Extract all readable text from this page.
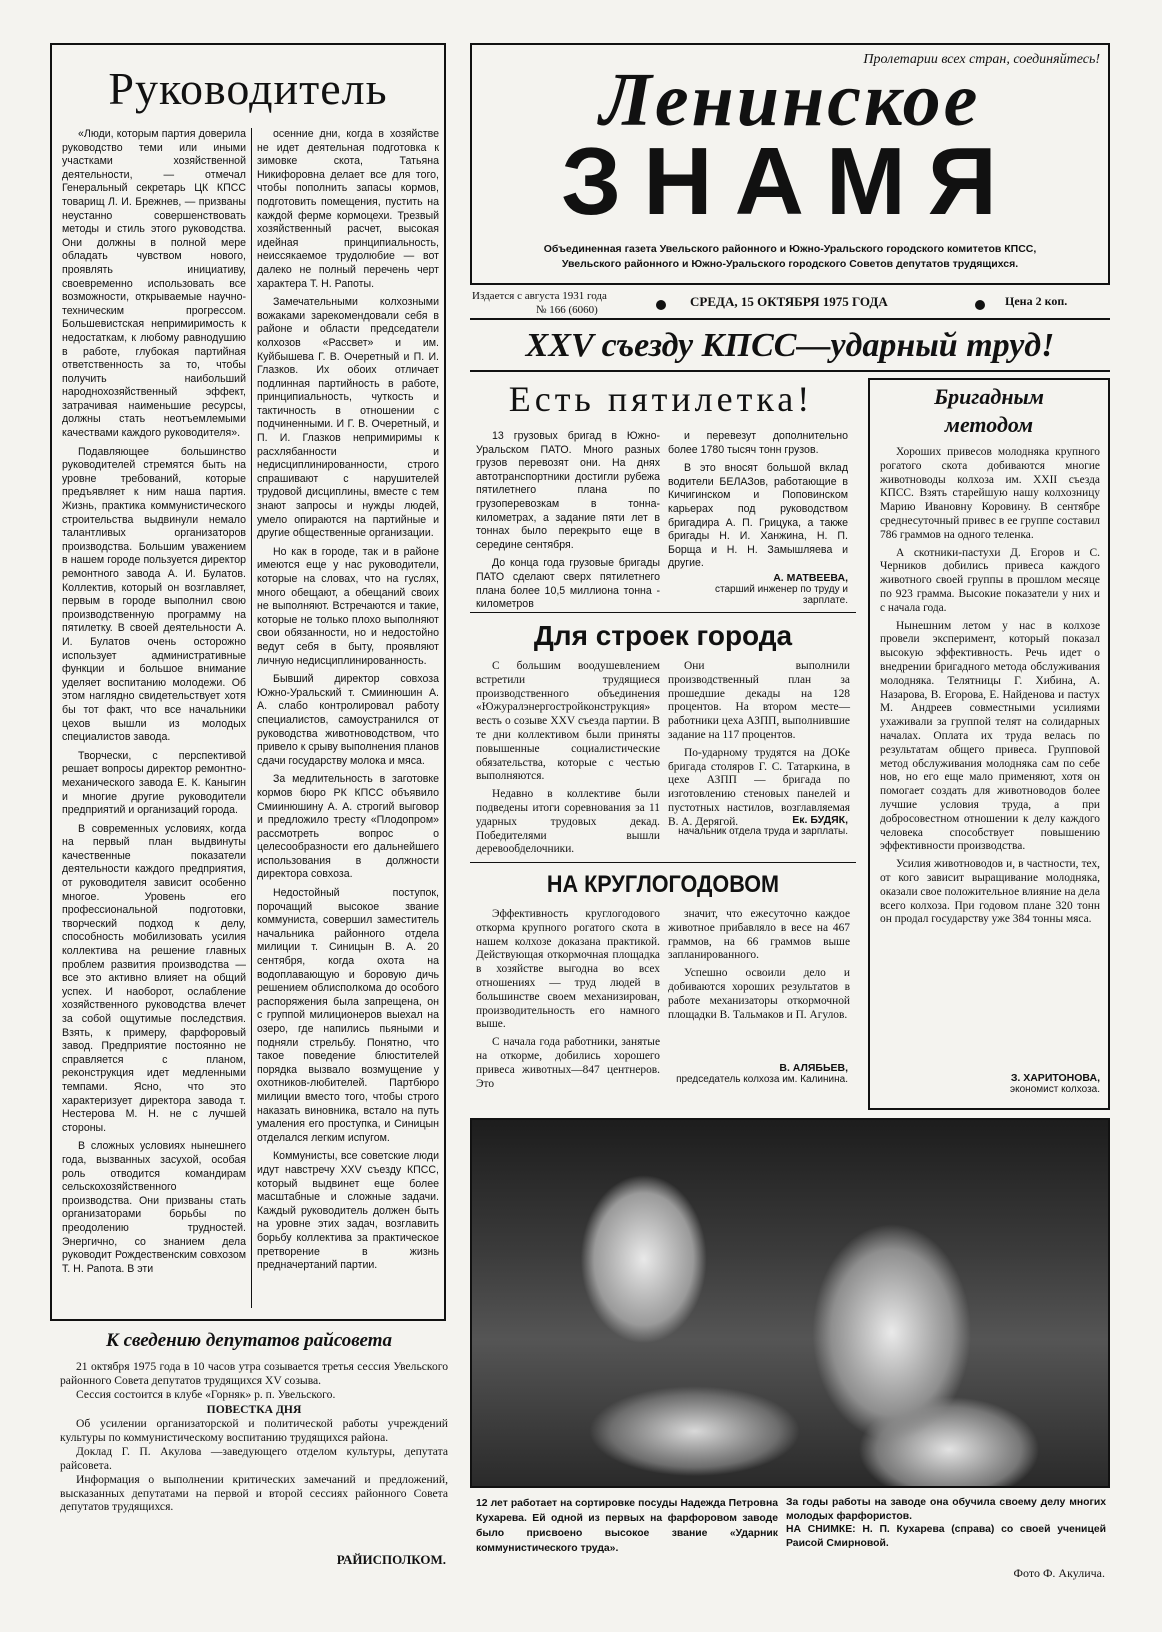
Руководитель

«Люди, которым партия доверила руководство теми или иными участками хозяйственной деятельности, — отмечал Генеральный секретарь ЦК КПСС товарищ Л. И. Брежнев, — призваны неустанно совершенствовать методы и стиль этого руководства. Они должны в полной мере обладать чувством нового, проявлять инициативу, своевременно использовать все возможности, открываемые научно-техническим прогрессом. Большевистская непримиримость к недостаткам, к любому равнодушию в работе, глубокая партийная ответственность за то, чтобы получить наибольший народнохозяйственный эффект, затрачивая наименьшие ресурсы, должны стать неотъемлемыми качествами каждого руководителя».

Подавляющее большинство руководителей стремятся быть на уровне требований, которые предъявляет к ним наша партия. Жизнь, практика коммунистического строительства выдвинули немало талантливых организаторов производства. Большим уважением в нашем городе пользуется директор ремонтного завода А. И. Булатов. Коллектив, который он возглавляет, первым в городе выполнил свою производственную программу на пятилетку. В своей деятельности А. И. Булатов очень осторожно использует административные функции и большое внимание уделяет воспитанию молодежи. Об этом наглядно свидетельствует хотя бы тот факт, что все начальники цехов вышли из молодых специалистов завода.

Творчески, с перспективой решает вопросы директор ремонтно-механического завода Е. К. Каныгин и многие другие руководители предприятий и организаций города.

В современных условиях, когда на первый план выдвинуты качественные показатели деятельности каждого предприятия, от руководителя зависит особенно многое. Уровень его профессиональной подготовки, творческий подход к делу, способность мобилизовать усилия коллектива на решение главных проблем развития производства — все это активно влияет на общий успех. И наоборот, ослабление хозяйственного руководства влечет за собой ощутимые последствия. Взять, к примеру, фарфоровый завод. Предприятие постоянно не справляется с планом, реконструкция идет медленными темпами. Ясно, что это характеризует директора завода т. Нестерова М. Н. не с лучшей стороны.

В сложных условиях нынешнего года, вызванных засухой, особая роль отводится командирам сельскохозяйственного производства. Они призваны стать организаторами борьбы по преодолению трудностей. Энергично, со знанием дела руководит Рождественским совхозом Т. Н. Рапота. В эти

осенние дни, когда в хозяйстве не идет деятельная подготовка к зимовке скота, Татьяна Никифоровна делает все для того, чтобы пополнить запасы кормов, подготовить помещения, пустить на каждой ферме кормоцехи. Трезвый хозяйственный расчет, высокая идейная принципиальность, неиссякаемое трудолюбие — вот далеко не полный перечень черт характера Т. Н. Рапоты.

Замечательными колхозными вожаками зарекомендовали себя в районе и области председатели колхозов «Рассвет» и им. Куйбышева Г. В. Очеретный и П. И. Глазков. Их обоих отличает подлинная партийность в работе, принципиальность, чуткость и тактичность в отношении с подчиненными. И Г. В. Очеретный, и П. И. Глазков непримиримы к расхлябанности и недисциплинированности, строго спрашивают с нарушителей трудовой дисциплины, вместе с тем знают запросы и нужды людей, умело опираются на партийные и другие общественные организации.

Но как в городе, так и в районе имеются еще у нас руководители, которые на словах, что на гуслях, много обещают, а обещаний своих не выполняют. Встречаются и такие, которые не только плохо выполняют свои обязанности, но и недостойно ведут себя в быту, проявляют личную недисциплинированность.

Бывший директор совхоза Южно-Уральский т. Смиинюшин А. А. слабо контролировал работу специалистов, самоустранился от руководства животноводством, что привело к срыву выполнения планов сдачи государству молока и мяса.

За медлительность в заготовке кормов бюро РК КПСС объявило Смиинюшину А. А. строгий выговор и предложило тресту «Плодопром» рассмотреть вопрос о целесообразности его дальнейшего использования в должности директора совхоза.

Недостойный поступок, порочащий высокое звание коммуниста, совершил заместитель начальника районного отдела милиции т. Синицын В. А. 20 сентября, когда охота на водоплавающую и боровую дичь решением облисполкома до особого распоряжения была запрещена, он с группой милиционеров выехал на озеро, где напились пьяными и подняли стрельбу. Понятно, что такое поведение блюстителей порядка вызвало возмущение у охотников-любителей. Партбюро милиции вместо того, чтобы строго наказать виновника, встало на путь умаления его проступка, и Синицын отделался легким испугом.

Коммунисты, все советские люди идут навстречу XXV съезду КПСС, который выдвинет еще более масштабные и сложные задачи. Каждый руководитель должен быть на уровне этих задач, возглавить борьбу коллектива за практическое претворение в жизнь предначертаний партии.

Пролетарии всех стран, соединяйтесь!
Ленинское
ЗНАМЯ
Объединенная газета Увельского районного и Южно-Уральского городского комитетов КПСС,
Увельского районного и Южно-Уральского городского Советов депутатов трудящихся.
Издается с августа 1931 года
№ 166 (6060)
СРЕДА, 15 ОКТЯБРЯ 1975 ГОДА	Цена 2 коп.
XXV съезду КПСС—ударный труд!
Есть пятилетка!

13 грузовых бригад в Южно-Уральском ПАТО. Много разных грузов перевозят они. На днях автотранспортники достигли рубежа пятилетнего плана по грузоперевозкам в тонна-километрах, а задание пяти лет в тоннах было перекрыто еще в середине сентября.

До конца года грузовые бригады ПАТО сделают сверх пятилетнего плана более 10,5 миллиона тонна - километров

и перевезут дополнительно более 1780 тысяч тонн грузов.

В это вносят большой вклад водители БЕЛАЗов, работающие в Кичигинском и Поповинском карьерах под руководством бригадира А. П. Грицука, а также бригады Н. И. Ханжина, Н. П. Борща и Н. Н. Замышляева и другие.

А. МАТВЕЕВА,
старший инженер по труду и зарплате.
Для строек города

С большим воодушевлением встретили трудящиеся производственного объединения «Южуралэнергостройконструкция» весть о созыве XXV съезда партии. В те дни коллективом были приняты повышенные социалистические обязательства, которые с честью выполняются.

Недавно в коллективе были подведены итоги соревнования за 11 ударных трудовых декад. Победителями вышли деревообделочники.

Они выполнили производственный план за прошедшие декады на 128 процентов. На втором месте—работники цеха АЗПП, выполнившие задание на 117 процентов.

По-ударному трудятся на ДОКе бригада столяров Г. С. Татаркина, в цехе АЗПП — бригада по изготовлению стеновых панелей и пустотных настилов, возглавляемая В. А. Дерягой.	Ек. БУДЯК,
начальник отдела труда и зарплаты.
НА КРУГЛОГОДОВОМ

Эффективность круглогодового откорма крупного рогатого скота в нашем колхозе доказана практикой. Действующая откормочная площадка в хозяйстве выгодна во всех отношениях — труд людей в большинстве своем механизирован, производительность его намного выше.

С начала года работники, занятые на откорме, добились хорошего привеса животных—847 центнеров. Это

значит, что ежесуточно каждое животное прибавляло в весе на 467 граммов, на 66 граммов выше запланированного.

Успешно освоили дело и добиваются хороших результатов в работе механизаторы откормочной площадки В. Тальмаков и П. Агулов.

В. АЛЯБЬЕВ,
председатель колхоза им. Калинина.
Бригадным
методом

Хороших привесов молодняка крупного рогатого скота добиваются многие животноводы колхоза им. XXII съезда КПСС. Взять старейшую нашу колхозницу Марию Ивановну Коровину. В сентябре среднесуточный привес в ее группе составил 786 граммов на одного теленка.

А скотники-пастухи Д. Егоров и С. Черников добились привеса каждого животного своей группы в прошлом месяце по 923 грамма. Высокие показатели у них и с начала года.

Нынешним летом у нас в колхозе провели эксперимент, который показал высокую эффективность. Речь идет о внедрении бригадного метода обслуживания молодняка. Телятницы Г. Хибина, А. Назарова, В. Егорова, Е. Найденова и пастух М. Андреев совместными усилиями ухаживали за группой телят на солидарных началах. Оплата их труда велась по результатам общего привеса. Групповой метод обслуживания молодняка сам по себе нов, но его еще мало применяют, хотя он помогает создать для животноводов более лучшие условия труда, а при добросовестном отношении к делу каждого человека способствует повышению эффективности производства.

Усилия животноводов и, в частности, тех, от кого зависит выращивание молодняка, оказали свое положительное влияние на дела всего колхоза. При годовом плане 320 тонн он продал государству уже 384 тонны мяса.

З. ХАРИТОНОВА,
экономист колхоза.
12 лет работает на сортировке посуды Надежда Петровна Кухарева. Ей одной из первых на фарфоровом заводе было присвоено высокое звание «Ударник коммунистического труда».
За годы работы на заводе она обучила своему делу многих молодых фарфористов.
НА СНИМКЕ: Н. П. Кухарева (справа) со своей ученицей Раисой Смирновой.
Фото Ф. Акулича.
К сведению депутатов райсовета

21 октября 1975 года в 10 часов утра созывается третья сессия Увельского районного Совета депутатов трудящихся XV созыва.

Сессия состоится в клубе «Горняк» р. п. Увельского.

ПОВЕСТКА ДНЯ

Об усилении организаторской и политической работы учреждений культуры по коммунистическому воспитанию трудящихся района.

Доклад Г. П. Акулова —заведующего отделом культуры, депутата райсовета.

Информация о выполнении критических замечаний и предложений, высказанных депутатами на первой и второй сессиях районного Совета депутатов трудящихся.

РАЙИСПОЛКОМ.
